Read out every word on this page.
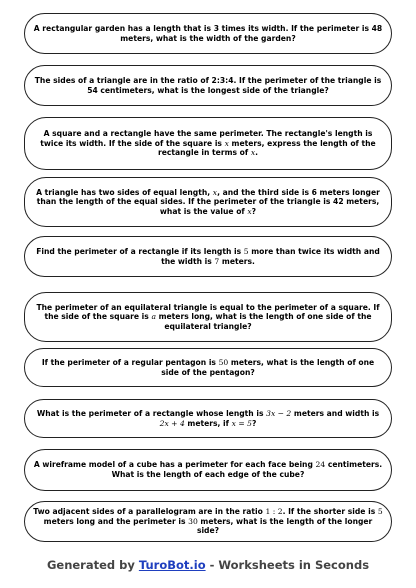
A rectangular garden has a length that is 3 times its width. If the perimeter is 48 meters, what is the width of the garden?
The sides of a triangle are in the ratio of 2:3:4. If the perimeter of the triangle is 54 centimeters, what is the longest side of the triangle?
A square and a rectangle have the same perimeter. The rectangle's length is twice its width. If the side of the square is x meters, express the length of the rectangle in terms of x.
A triangle has two sides of equal length, x, and the third side is 6 meters longer than the length of the equal sides. If the perimeter of the triangle is 42 meters, what is the value of x?
Find the perimeter of a rectangle if its length is 5 more than twice its width and the width is 7 meters.
The perimeter of an equilateral triangle is equal to the perimeter of a square. If the side of the square is a meters long, what is the length of one side of the equilateral triangle?
If the perimeter of a regular pentagon is 50 meters, what is the length of one side of the pentagon?
What is the perimeter of a rectangle whose length is 3x − 2 meters and width is 2x + 4 meters, if x = 5?
A wireframe model of a cube has a perimeter for each face being 24 centimeters. What is the length of each edge of the cube?
Two adjacent sides of a parallelogram are in the ratio 1 : 2. If the shorter side is 5 meters long and the perimeter is 30 meters, what is the length of the longer side?
Generated by TuroBot.io - Worksheets in Seconds
